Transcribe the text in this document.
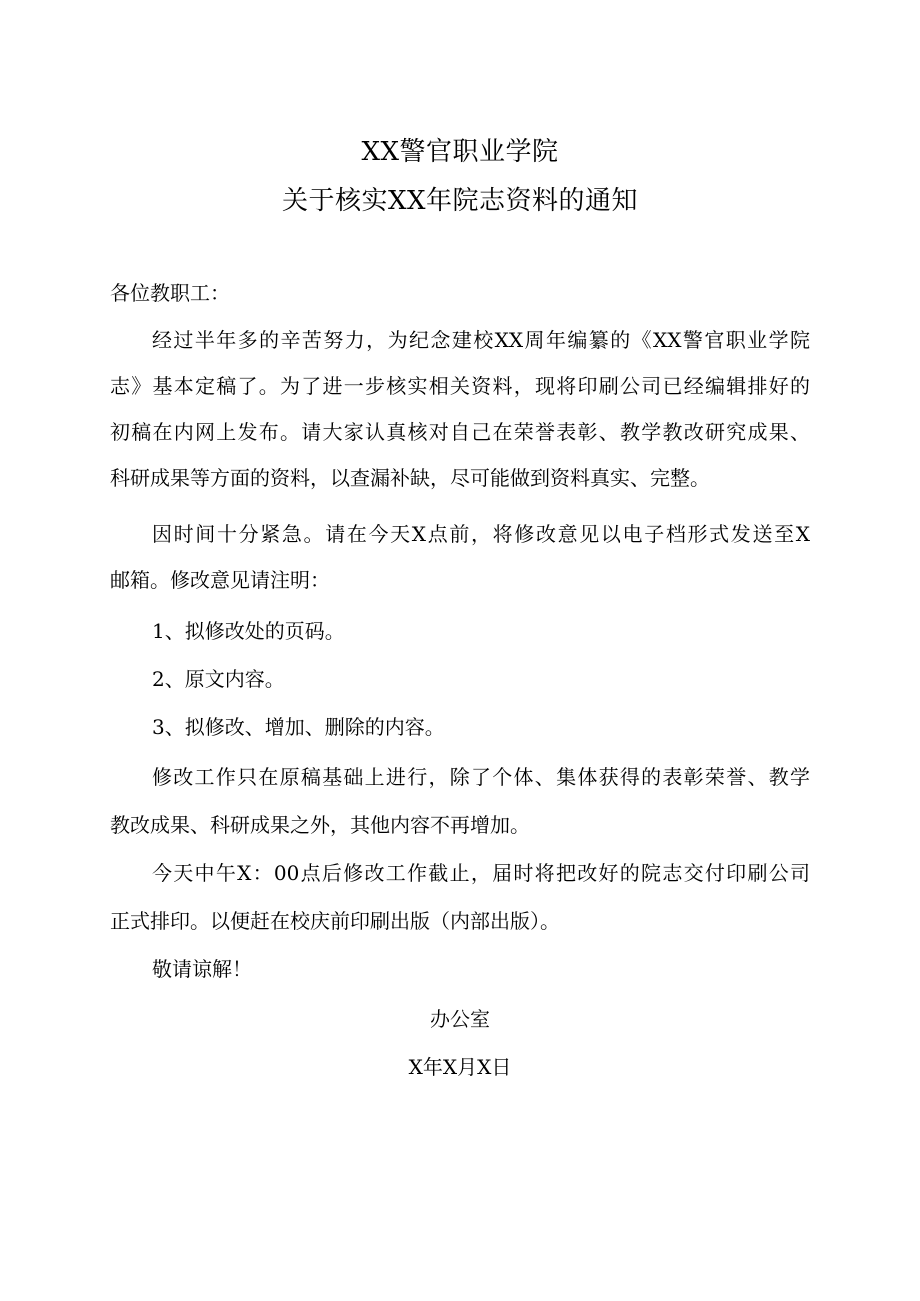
XX警官职业学院
关于核实XX年院志资料的通知
各位教职工：
经过半年多的辛苦努力，为纪念建校XX周年编纂的《XX警官职业学院
志》基本定稿了。为了进一步核实相关资料，现将印刷公司已经编辑排好的
初稿在内网上发布。请大家认真核对自己在荣誉表彰、教学教改研究成果、
科研成果等方面的资料，以查漏补缺，尽可能做到资料真实、完整。
因时间十分紧急。请在今天X点前，将修改意见以电子档形式发送至X
邮箱。修改意见请注明：
1、拟修改处的页码。
2、原文内容。
3、拟修改、增加、删除的内容。
修改工作只在原稿基础上进行，除了个体、集体获得的表彰荣誉、教学
教改成果、科研成果之外，其他内容不再增加。
今天中午X：00点后修改工作截止，届时将把改好的院志交付印刷公司
正式排印。以便赶在校庆前印刷出版（内部出版）。
敬请谅解！
办公室
X年X月X日
